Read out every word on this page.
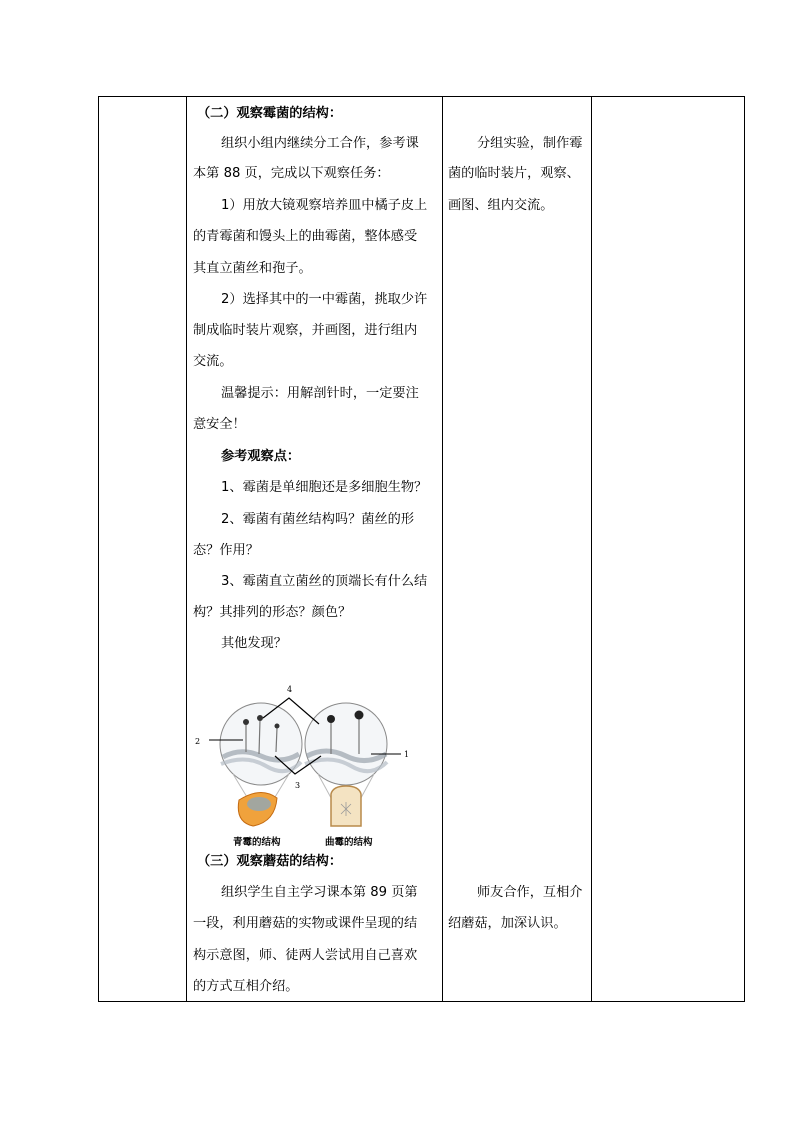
（二）观察霉菌的结构：
组织小组内继续分工合作，参考课
本第 88 页，完成以下观察任务：
1）用放大镜观察培养皿中橘子皮上
的青霉菌和馒头上的曲霉菌，整体感受
其直立菌丝和孢子。
2）选择其中的一中霉菌，挑取少许
制成临时装片观察，并画图，进行组内
交流。
温馨提示：用解剖针时，一定要注
意安全！
参考观察点：
1、霉菌是单细胞还是多细胞生物？
2、霉菌有菌丝结构吗？菌丝的形
态？作用？
3、霉菌直立菌丝的顶端长有什么结
构？其排列的形态？颜色？
其他发现？
4
2
1
3
青霉的结构	曲霉的结构
（三）观察蘑菇的结构：
组织学生自主学习课本第 89 页第
一段，利用蘑菇的实物或课件呈现的结
构示意图，师、徒两人尝试用自己喜欢
的方式互相介绍。
分组实验，制作霉
菌的临时装片，观察、
画图、组内交流。
师友合作，互相介
绍蘑菇，加深认识。
